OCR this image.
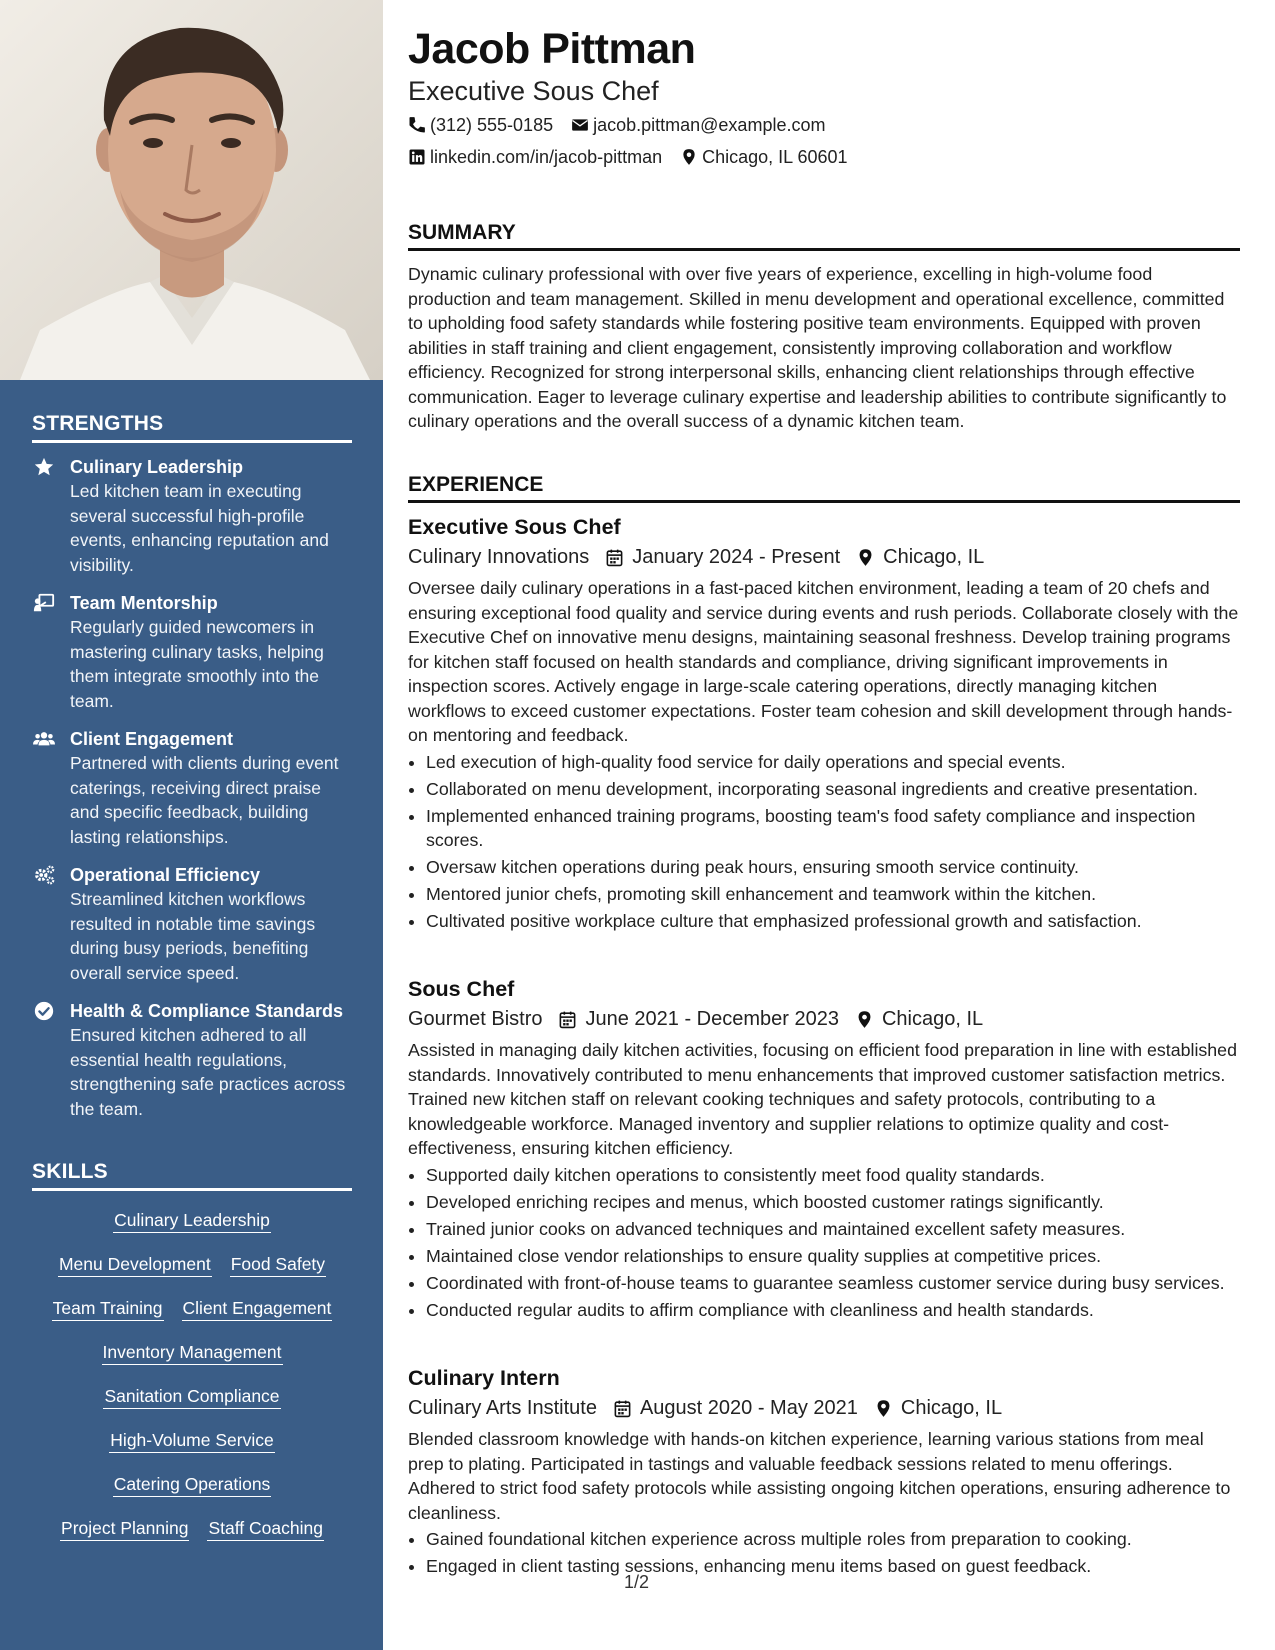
STRENGTHS
Culinary Leadership
Led kitchen team in executing several successful high-profile events, enhancing reputation and visibility.
Team Mentorship
Regularly guided newcomers in mastering culinary tasks, helping them integrate smoothly into the team.
Client Engagement
Partnered with clients during event caterings, receiving direct praise and specific feedback, building lasting relationships.
Operational Efficiency
Streamlined kitchen workflows resulted in notable time savings during busy periods, benefiting overall service speed.
Health & Compliance Standards
Ensured kitchen adhered to all essential health regulations, strengthening safe practices across the team.
SKILLS
Culinary Leadership
Menu Development Food Safety
Team Training Client Engagement
Inventory Management
Sanitation Compliance
High-Volume Service
Catering Operations
Project Planning Staff Coaching
Jacob Pittman
Executive Sous Chef
(312) 555-0185 jacob.pittman@example.com
linkedin.com/in/jacob-pittman Chicago, IL 60601
SUMMARY

Dynamic culinary professional with over five years of experience, excelling in high-volume food production and team management. Skilled in menu development and operational excellence, committed to upholding food safety standards while fostering positive team environments. Equipped with proven abilities in staff training and client engagement, consistently improving collaboration and workflow efficiency. Recognized for strong interpersonal skills, enhancing client relationships through effective communication. Eager to leverage culinary expertise and leadership abilities to contribute significantly to culinary operations and the overall success of a dynamic kitchen team.

EXPERIENCE
Executive Sous Chef
Culinary Innovations January 2024 - Present Chicago, IL

Oversee daily culinary operations in a fast-paced kitchen environment, leading a team of 20 chefs and ensuring exceptional food quality and service during events and rush periods. Collaborate closely with the Executive Chef on innovative menu designs, maintaining seasonal freshness. Develop training programs for kitchen staff focused on health standards and compliance, driving significant improvements in inspection scores. Actively engage in large-scale catering operations, directly managing kitchen workflows to exceed customer expectations. Foster team cohesion and skill development through hands-on mentoring and feedback.

• Led execution of high-quality food service for daily operations and special events.
• Collaborated on menu development, incorporating seasonal ingredients and creative presentation.
• Implemented enhanced training programs, boosting team's food safety compliance and inspection scores.
• Oversaw kitchen operations during peak hours, ensuring smooth service continuity.
• Mentored junior chefs, promoting skill enhancement and teamwork within the kitchen.
• Cultivated positive workplace culture that emphasized professional growth and satisfaction.
Sous Chef
Gourmet Bistro June 2021 - December 2023 Chicago, IL

Assisted in managing daily kitchen activities, focusing on efficient food preparation in line with established standards. Innovatively contributed to menu enhancements that improved customer satisfaction metrics. Trained new kitchen staff on relevant cooking techniques and safety protocols, contributing to a knowledgeable workforce. Managed inventory and supplier relations to optimize quality and cost-effectiveness, ensuring kitchen efficiency.

• Supported daily kitchen operations to consistently meet food quality standards.
• Developed enriching recipes and menus, which boosted customer ratings significantly.
• Trained junior cooks on advanced techniques and maintained excellent safety measures.
• Maintained close vendor relationships to ensure quality supplies at competitive prices.
• Coordinated with front-of-house teams to guarantee seamless customer service during busy services.
• Conducted regular audits to affirm compliance with cleanliness and health standards.
Culinary Intern
Culinary Arts Institute August 2020 - May 2021 Chicago, IL

Blended classroom knowledge with hands-on kitchen experience, learning various stations from meal prep to plating. Participated in tastings and valuable feedback sessions related to menu offerings. Adhered to strict food safety protocols while assisting ongoing kitchen operations, ensuring adherence to cleanliness.

• Gained foundational kitchen experience across multiple roles from preparation to cooking.
• Engaged in client tasting sessions, enhancing menu items based on guest feedback.
1/2
